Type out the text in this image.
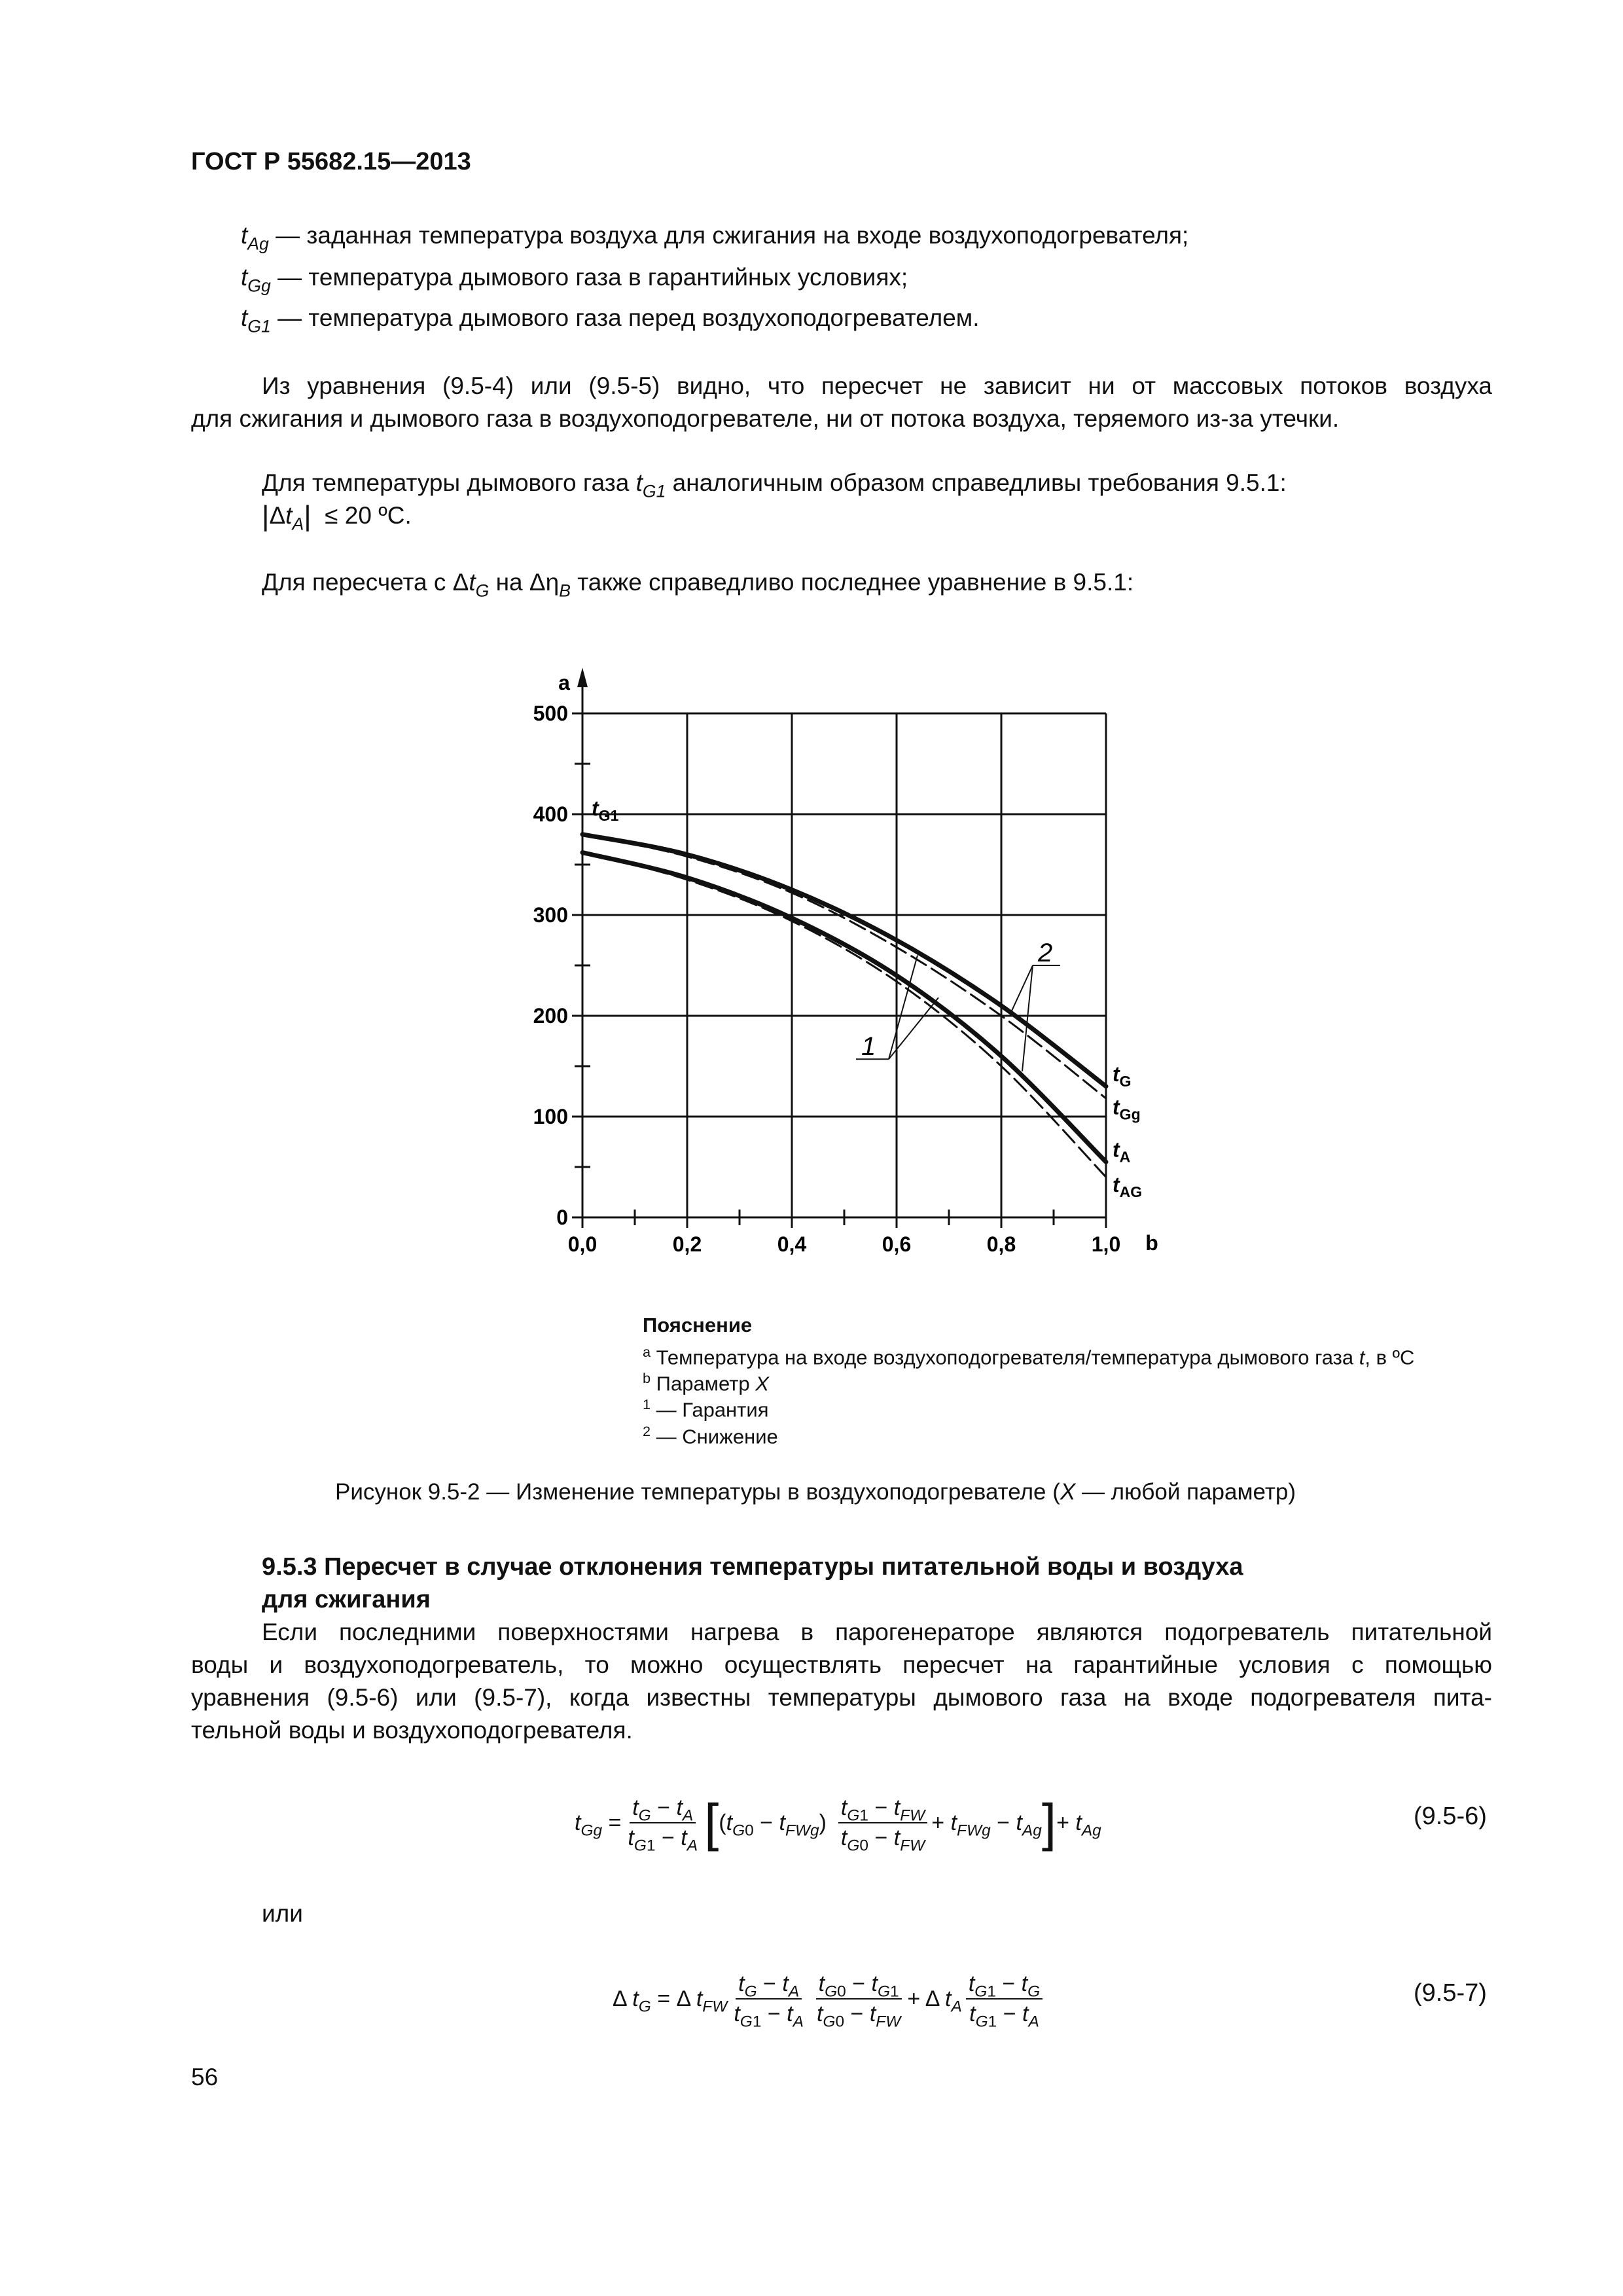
ГОСТ Р 55682.15—2013
$t_{Ag}$ — заданная температура воздуха для сжигания на входе воздухоподогревателя;
$t_{Gg}$ — температура дымового газа в гарантийных условиях;
$t_{G1}$ — температура дымового газа перед воздухоподогревателем.
Из уравнения (9.5-4) или (9.5-5) видно, что пересчет не зависит ни от массовых потоков воздуха
для сжигания и дымового газа в воздухоподогревателе, ни от потока воздуха, теряемого из-за утечки.
Для температуры дымового газа $t_{G1}$ аналогичным образом справедливы требования 9.5.1:
$|\Delta t_A| \le 20$ ºC.
Для пересчета с $\Delta t_G$ на $\Delta\eta_B$ также справедливо последнее уравнение в 9.5.1:
a
b
0,0	0,2	0,4	0,6	0,8	1,0
0
100
200
300
400
500
$t_{G1}$
$t_G$
$t_{Gg}$
$t_A$
$t_{AG}$
1
2
Пояснение
$^a$ Температура на входе воздухоподогревателя/температура дымового газа t, в ºC
$^b$ Параметр X
$^1$ — Гарантия
$^2$ — Снижение
Рисунок 9.5-2 — Изменение температуры в воздухоподогревателе (X — любой параметр)
9.5.3 Пересчет в случае отклонения температуры питательной воды и воздуха
для сжигания
Если последними поверхностями нагрева в парогенераторе являются подогреватель питательной
воды и воздухоподогреватель, то можно осуществлять пересчет на гарантийные условия с помощью
уравнения (9.5-6) или (9.5-7), когда известны температуры дымового газа на входе подогревателя пита-
тельной воды и воздухоподогревателя.
$t_{Gg} = \frac{t_G - t_A}{t_{G1} - t_A}$ [ $(t_{G0} - t_{FWg}) \frac{t_{G1} - t_{FW}}{t_{G0} - t_{FW}} + t_{FWg} - t_{Ag}$ ] + $t_{Ag}$
(9.5-6)
или
Δ $t_G = \Delta$ $t_{FW} \frac{t_G - t_A}{t_{G1} - t_A} \frac{t_{G0} - t_{G1}}{t_{G0} - t_{FW}} + \Delta$ $t_A \frac{t_{G1} - t_G}{t_{G1} - t_A}$	(9.5-7)
56
